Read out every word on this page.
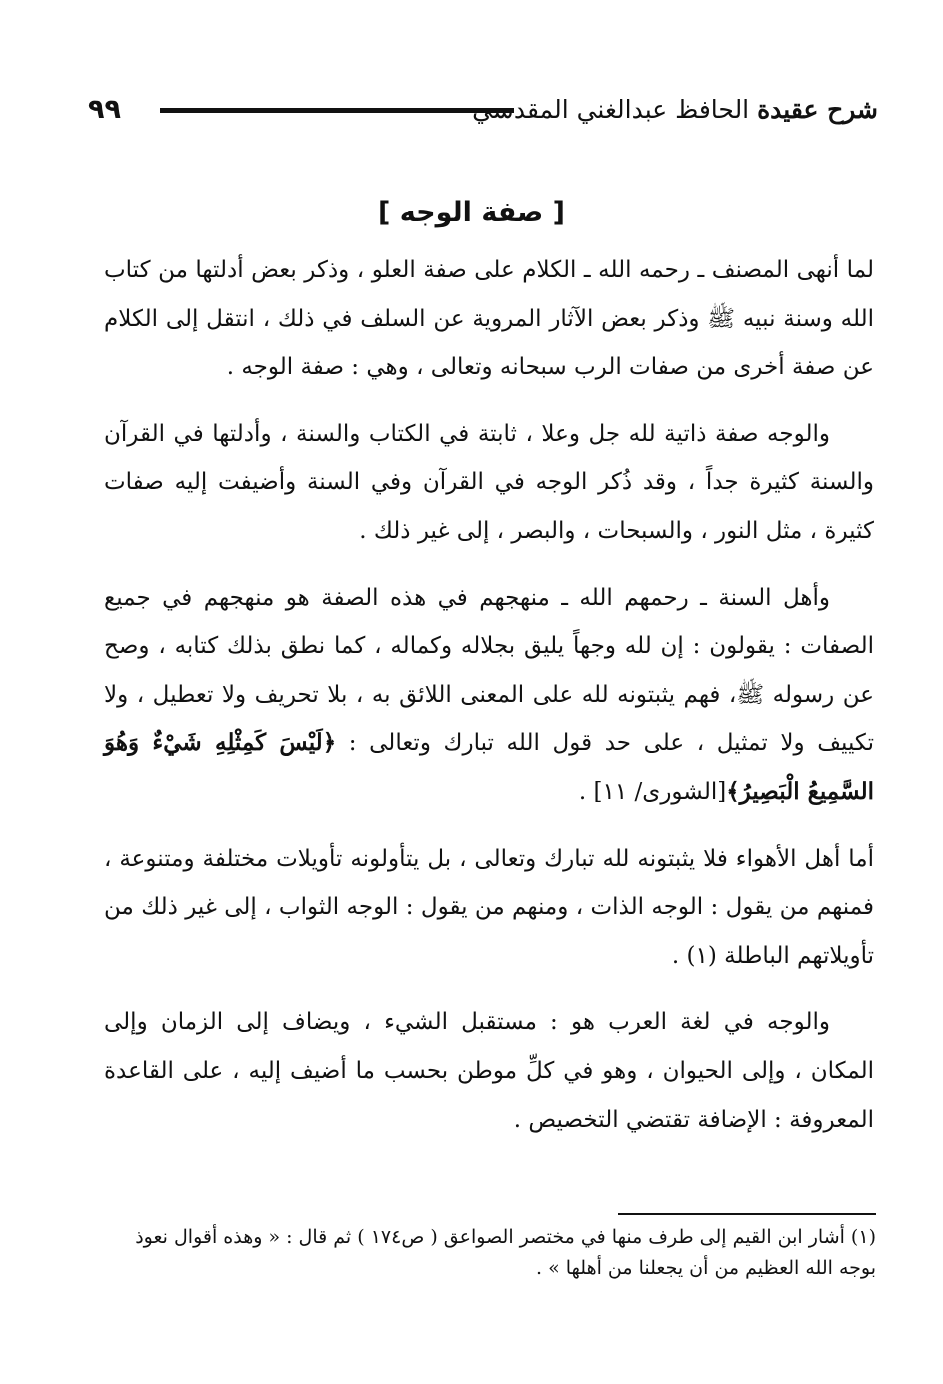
شرح عقيدة الحافظ عبدالغني المقدسي
٩٩
[ صفة الوجه ]

لما أنهى المصنف ـ رحمه الله ـ الكلام على صفة العلو ، وذكر بعض أدلتها من كتاب الله وسنة نبيه ﷺ وذكر بعض الآثار المروية عن السلف في ذلك ، انتقل إلى الكلام عن صفة أخرى من صفات الرب سبحانه وتعالى ، وهي : صفة الوجه .

والوجه صفة ذاتية لله جل وعلا ، ثابتة في الكتاب والسنة ، وأدلتها في القرآن والسنة كثيرة جداً ، وقد ذُكر الوجه في القرآن وفي السنة وأضيفت إليه صفات كثيرة ، مثل النور ، والسبحات ، والبصر ، إلى غير ذلك .

وأهل السنة ـ رحمهم الله ـ منهجهم في هذه الصفة هو منهجهم في جميع الصفات : يقولون : إن لله وجهاً يليق بجلاله وكماله ، كما نطق بذلك كتابه ، وصح عن رسوله ﷺ، فهم يثبتونه لله على المعنى اللائق به ، بلا تحريف ولا تعطيل ، ولا تكييف ولا تمثيل ، على حد قول الله تبارك وتعالى : ﴿لَيْسَ كَمِثْلِهِ شَيْءٌ وَهُوَ السَّمِيعُ الْبَصِيرُ﴾[الشورى/ ١١] .

أما أهل الأهواء فلا يثبتونه لله تبارك وتعالى ، بل يتأولونه تأويلات مختلفة ومتنوعة ، فمنهم من يقول : الوجه الذات ، ومنهم من يقول : الوجه الثواب ، إلى غير ذلك من تأويلاتهم الباطلة (١) .

والوجه في لغة العرب هو : مستقبل الشيء ، ويضاف إلى الزمان وإلى المكان ، وإلى الحيوان ، وهو في كلِّ موطن بحسب ما أضيف إليه ، على القاعدة المعروفة : الإضافة تقتضي التخصيص .

(١) أشار ابن القيم إلى طرف منها في مختصر الصواعق ( ص١٧٤ ) ثم قال : « وهذه أقوال نعوذ بوجه الله العظيم من أن يجعلنا من أهلها » .
